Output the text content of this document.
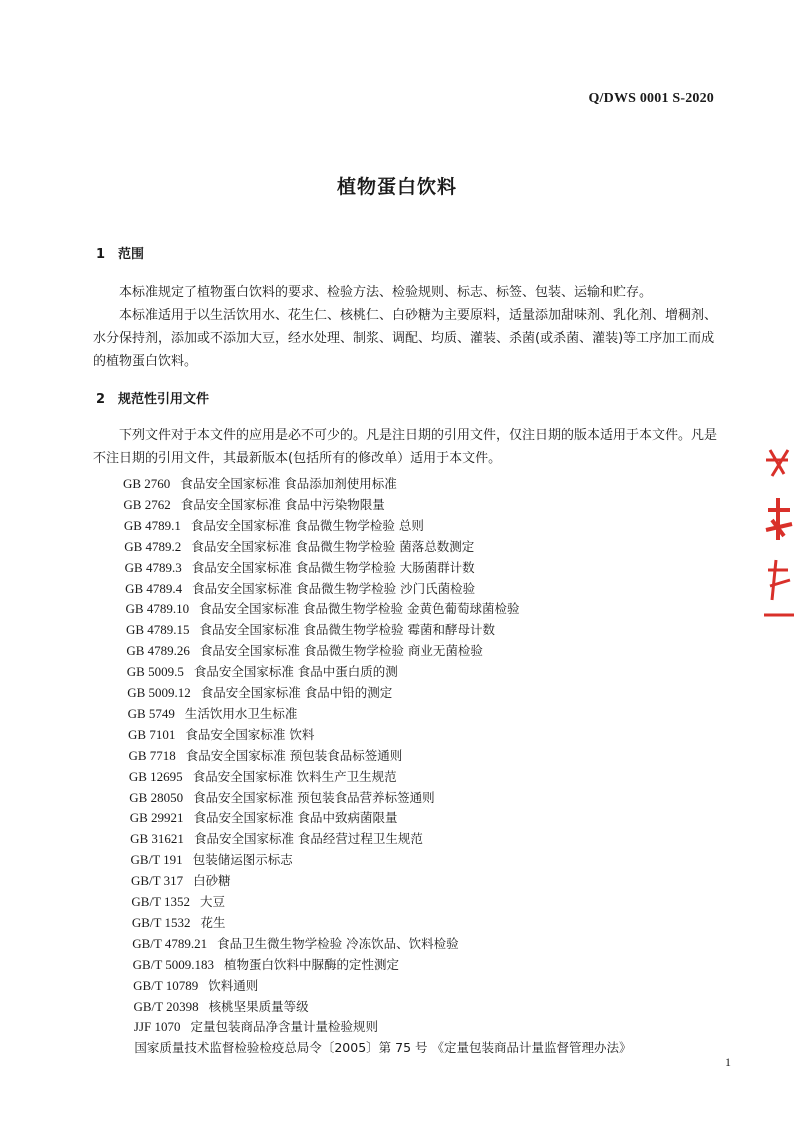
Q/DWS 0001 S-2020
植物蛋白饮料
1 范围

本标准规定了植物蛋白饮料的要求、检验方法、检验规则、标志、标签、包装、运输和贮存。

本标准适用于以生活饮用水、花生仁、核桃仁、白砂糖为主要原料，适量添加甜味剂、乳化剂、增稠剂、水分保持剂，添加或不添加大豆，经水处理、制浆、调配、均质、灌装、杀菌(或杀菌、灌装)等工序加工而成的植物蛋白饮料。

2 规范性引用文件

下列文件对于本文件的应用是必不可少的。凡是注日期的引用文件，仅注日期的版本适用于本文件。凡是不注日期的引用文件，其最新版本(包括所有的修改单）适用于本文件。

GB 2760 食品安全国家标准 食品添加剂使用标准
GB 2762 食品安全国家标准 食品中污染物限量
GB 4789.1 食品安全国家标准 食品微生物学检验 总则
GB 4789.2 食品安全国家标准 食品微生物学检验 菌落总数测定
GB 4789.3 食品安全国家标准 食品微生物学检验 大肠菌群计数
GB 4789.4 食品安全国家标准 食品微生物学检验 沙门氏菌检验
GB 4789.10 食品安全国家标准 食品微生物学检验 金黄色葡萄球菌检验
GB 4789.15 食品安全国家标准 食品微生物学检验 霉菌和酵母计数
GB 4789.26 食品安全国家标准 食品微生物学检验 商业无菌检验
GB 5009.5 食品安全国家标准 食品中蛋白质的测
GB 5009.12 食品安全国家标准 食品中铅的测定
GB 5749 生活饮用水卫生标准
GB 7101 食品安全国家标准 饮料
GB 7718 食品安全国家标准 预包装食品标签通则
GB 12695 食品安全国家标准 饮料生产卫生规范
GB 28050 食品安全国家标准 预包装食品营养标签通则
GB 29921 食品安全国家标准 食品中致病菌限量
GB 31621 食品安全国家标准 食品经营过程卫生规范
GB/T 191 包装储运图示标志
GB/T 317 白砂糖
GB/T 1352 大豆
GB/T 1532 花生
GB/T 4789.21 食品卫生微生物学检验 冷冻饮品、饮料检验
GB/T 5009.183 植物蛋白饮料中脲酶的定性测定
GB/T 10789 饮料通则
GB/T 20398 核桃坚果质量等级
JJF 1070 定量包装商品净含量计量检验规则
国家质量技术监督检验检疫总局令〔2005〕第 75 号 《定量包装商品计量监督管理办法》
1
